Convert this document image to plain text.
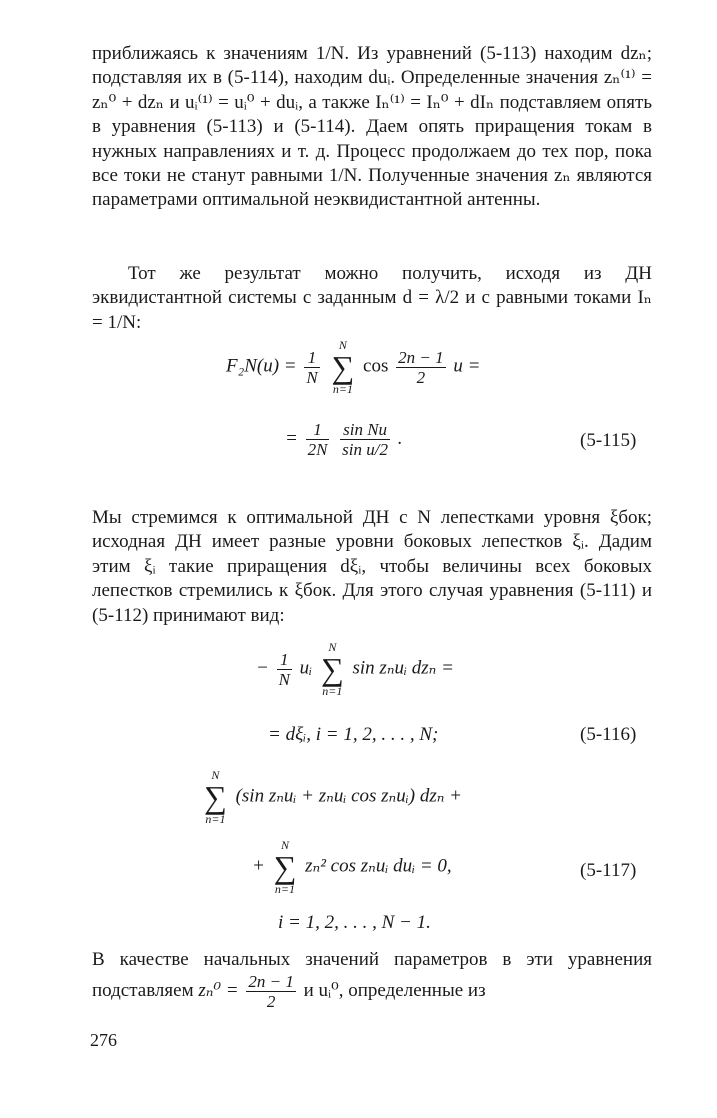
приближаясь к значениям 1/N. Из уравнений (5-113) находим dzₙ; подставляя их в (5-114), находим duᵢ. Определенные значения zₙ⁽¹⁾ = zₙ⁰ + dzₙ и uᵢ⁽¹⁾ = uᵢ⁰ + duᵢ, а также Iₙ⁽¹⁾ = Iₙ⁰ + dIₙ подставляем опять в уравнения (5-113) и (5-114). Даем опять приращения токам в нужных направлениях и т. д. Процесс продолжаем до тех пор, пока все токи не станут равными 1/N. Полученные значения zₙ являются параметрами оптимальной неэквидистантной антенны.
Тот же результат можно получить, исходя из ДН эквидистантной системы с заданным d = λ/2 и с равными токами Iₙ = 1/N:
$F_2N(u) = \frac{1}{N}$

N
∑
n=1
$\cos \frac{2n - 1}{2}$ u =
= $\frac{1}{2N}$
$\frac{\text{sin Nu}}{\text{sin u/2}}$ .	(5-115)
Мы стремимся к оптимальной ДН с N лепестками уровня ξбок; исходная ДН имеет разные уровни боковых лепестков ξᵢ. Дадим этим ξᵢ такие приращения dξᵢ, чтобы величины всех боковых лепестков стремились к ξбок. Для этого случая уравнения (5-111) и (5-112) принимают вид:
− $\frac{1}{N}$ uᵢ
N
∑
n=1
sin zₙuᵢ dzₙ =
= dξᵢ, i = 1, 2, . . . , N;	(5-116)
N
∑
n=1
(sin zₙuᵢ + zₙuᵢ cos zₙuᵢ) dzₙ +
+
N
∑
n=1
zₙ² cos zₙuᵢ duᵢ = 0,	(5-117)
i = 1, 2, . . . , N − 1.
В качестве начальных значений параметров в эти уравнения подставляем $z_n^0 = \frac{2n - 1}{2}$ и uᵢ⁰, определенные из
276
